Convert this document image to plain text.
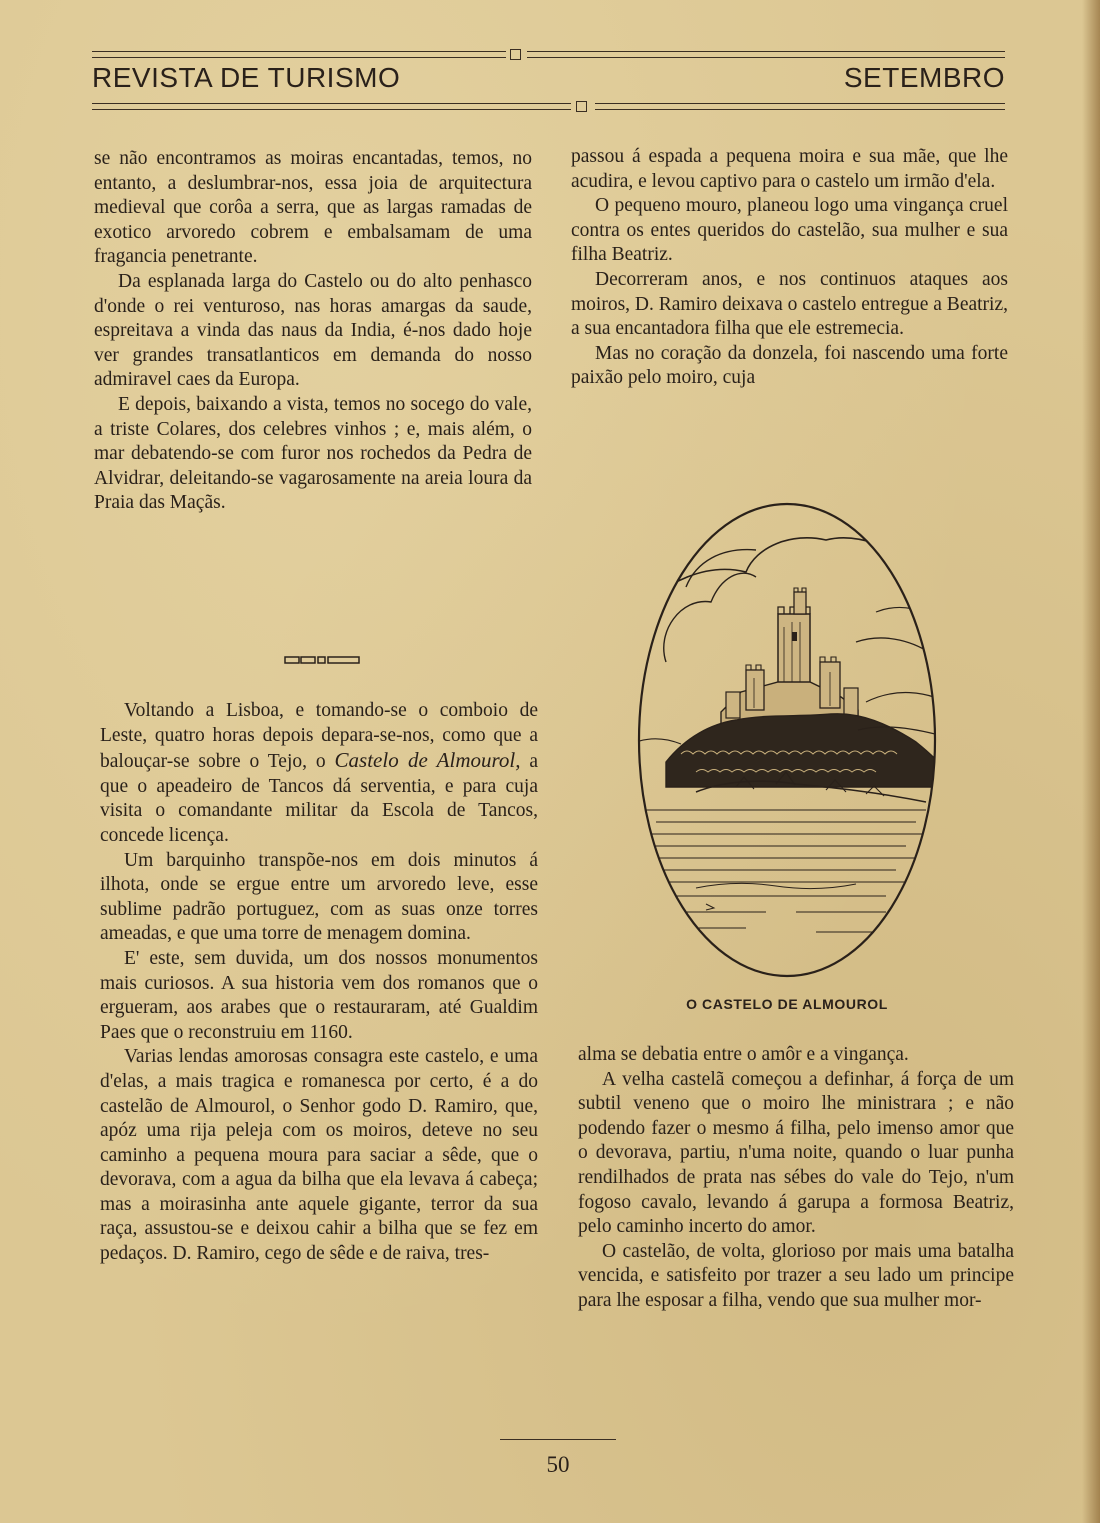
REVISTA DE TURISMO	SETEMBRO

se não encontramos as moiras encantadas, temos, no entanto, a deslumbrar-nos, essa joia de arquitectura medieval que corôa a serra, que as largas ramadas de exotico arvoredo cobrem e embalsamam de uma fragancia penetrante.

Da esplanada larga do Castelo ou do alto penhasco d'onde o rei venturoso, nas horas amargas da saude, espreitava a vinda das naus da India, é-nos dado hoje ver grandes transatlanticos em demanda do nosso admiravel caes da Europa.

E depois, baixando a vista, temos no socego do vale, a triste Colares, dos celebres vinhos ; e, mais além, o mar debatendo-se com furor nos rochedos da Pedra de Alvidrar, deleitando-se vagarosamente na areia loura da Praia das Maçãs.

Voltando a Lisboa, e tomando-se o comboio de Leste, quatro horas depois depara-se-nos, como que a balouçar-se sobre o Tejo, o Castelo de Almourol, a que o apeadeiro de Tancos dá serventia, e para cuja visita o comandante militar da Escola de Tancos, concede licença.

Um barquinho transpõe-nos em dois minutos á ilhota, onde se ergue entre um arvoredo leve, esse sublime padrão portuguez, com as suas onze torres ameadas, e que uma torre de menagem domina.

E' este, sem duvida, um dos nossos monumentos mais curiosos. A sua historia vem dos romanos que o ergueram, aos arabes que o restauraram, até Gualdim Paes que o reconstruiu em 1160.

Varias lendas amorosas consagra este castelo, e uma d'elas, a mais tragica e romanesca por certo, é a do castelão de Almourol, o Senhor godo D. Ramiro, que, apóz uma rija peleja com os moiros, deteve no seu caminho a pequena moura para saciar a sêde, que o devorava, com a agua da bilha que ela levava á cabeça; mas a moirasinha ante aquele gigante, terror da sua raça, assustou-se e deixou cahir a bilha que se fez em pedaços. D. Ramiro, cego de sêde e de raiva, tres-

passou á espada a pequena moira e sua mãe, que lhe acudira, e levou captivo para o castelo um irmão d'ela.

O pequeno mouro, planeou logo uma vingança cruel contra os entes queridos do castelão, sua mulher e sua filha Beatriz.

Decorreram anos, e nos continuos ataques aos moiros, D. Ramiro deixava o castelo entregue a Beatriz, a sua encantadora filha que ele estremecia.

Mas no coração da donzela, foi nascendo uma forte paixão pelo moiro, cuja

O CASTELO DE ALMOUROL

alma se debatia entre o amôr e a vingança.

A velha castelã começou a definhar, á força de um subtil veneno que o moiro lhe ministrara ; e não podendo fazer o mesmo á filha, pelo imenso amor que o devorava, partiu, n'uma noite, quando o luar punha rendilhados de prata nas sébes do vale do Tejo, n'um fogoso cavalo, levando á garupa a formosa Beatriz, pelo caminho incerto do amor.

O castelão, de volta, glorioso por mais uma batalha vencida, e satisfeito por trazer a seu lado um principe para lhe esposar a filha, vendo que sua mulher mor-

50
